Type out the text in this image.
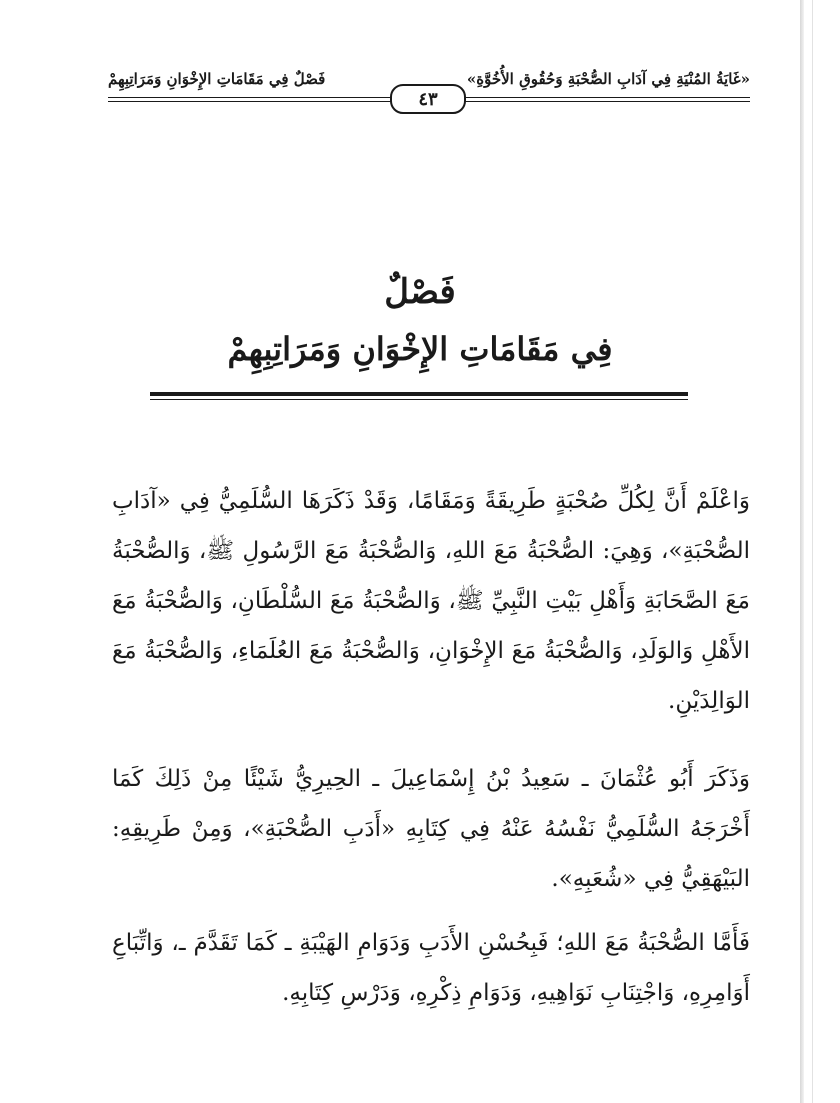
«غَايَةُ المُنْيَةِ فِي آدَابِ الصُّحْبَةِ وَحُقُوقِ الأُخُوَّةِ»
فَصْلٌ فِي مَقَامَاتِ الإِخْوَانِ وَمَرَاتِبِهِمْ
٤٣
فَصْلٌ
فِي مَقَامَاتِ الإِخْوَانِ وَمَرَاتِبِهِمْ

وَاعْلَمْ أَنَّ لِكُلِّ صُحْبَةٍ طَرِيقَةً وَمَقَامًا، وَقَدْ ذَكَرَهَا السُّلَمِيُّ فِي «آدَابِ الصُّحْبَةِ»، وَهِيَ: الصُّحْبَةُ مَعَ اللهِ، وَالصُّحْبَةُ مَعَ الرَّسُولِ ﷺ، وَالصُّحْبَةُ مَعَ الصَّحَابَةِ وَأَهْلِ بَيْتِ النَّبِيِّ ﷺ، وَالصُّحْبَةُ مَعَ السُّلْطَانِ، وَالصُّحْبَةُ مَعَ الأَهْلِ وَالوَلَدِ، وَالصُّحْبَةُ مَعَ الإِخْوَانِ، وَالصُّحْبَةُ مَعَ العُلَمَاءِ، وَالصُّحْبَةُ مَعَ الوَالِدَيْنِ.

وَذَكَرَ أَبُو عُثْمَانَ ـ سَعِيدُ بْنُ إِسْمَاعِيلَ ـ الحِيرِيُّ شَيْئًا مِنْ ذَلِكَ كَمَا أَخْرَجَهُ السُّلَمِيُّ نَفْسُهُ عَنْهُ فِي كِتَابِهِ «أَدَبِ الصُّحْبَةِ»، وَمِنْ طَرِيقِهِ: البَيْهَقِيُّ فِي «شُعَبِهِ».

فَأَمَّا الصُّحْبَةُ مَعَ اللهِ؛ فَبِحُسْنِ الأَدَبِ وَدَوَامِ الهَيْبَةِ ـ كَمَا تَقَدَّمَ ـ، وَاتِّبَاعِ أَوَامِرِهِ، وَاجْتِنَابِ نَوَاهِيهِ، وَدَوَامِ ذِكْرِهِ، وَدَرْسِ كِتَابِهِ.
